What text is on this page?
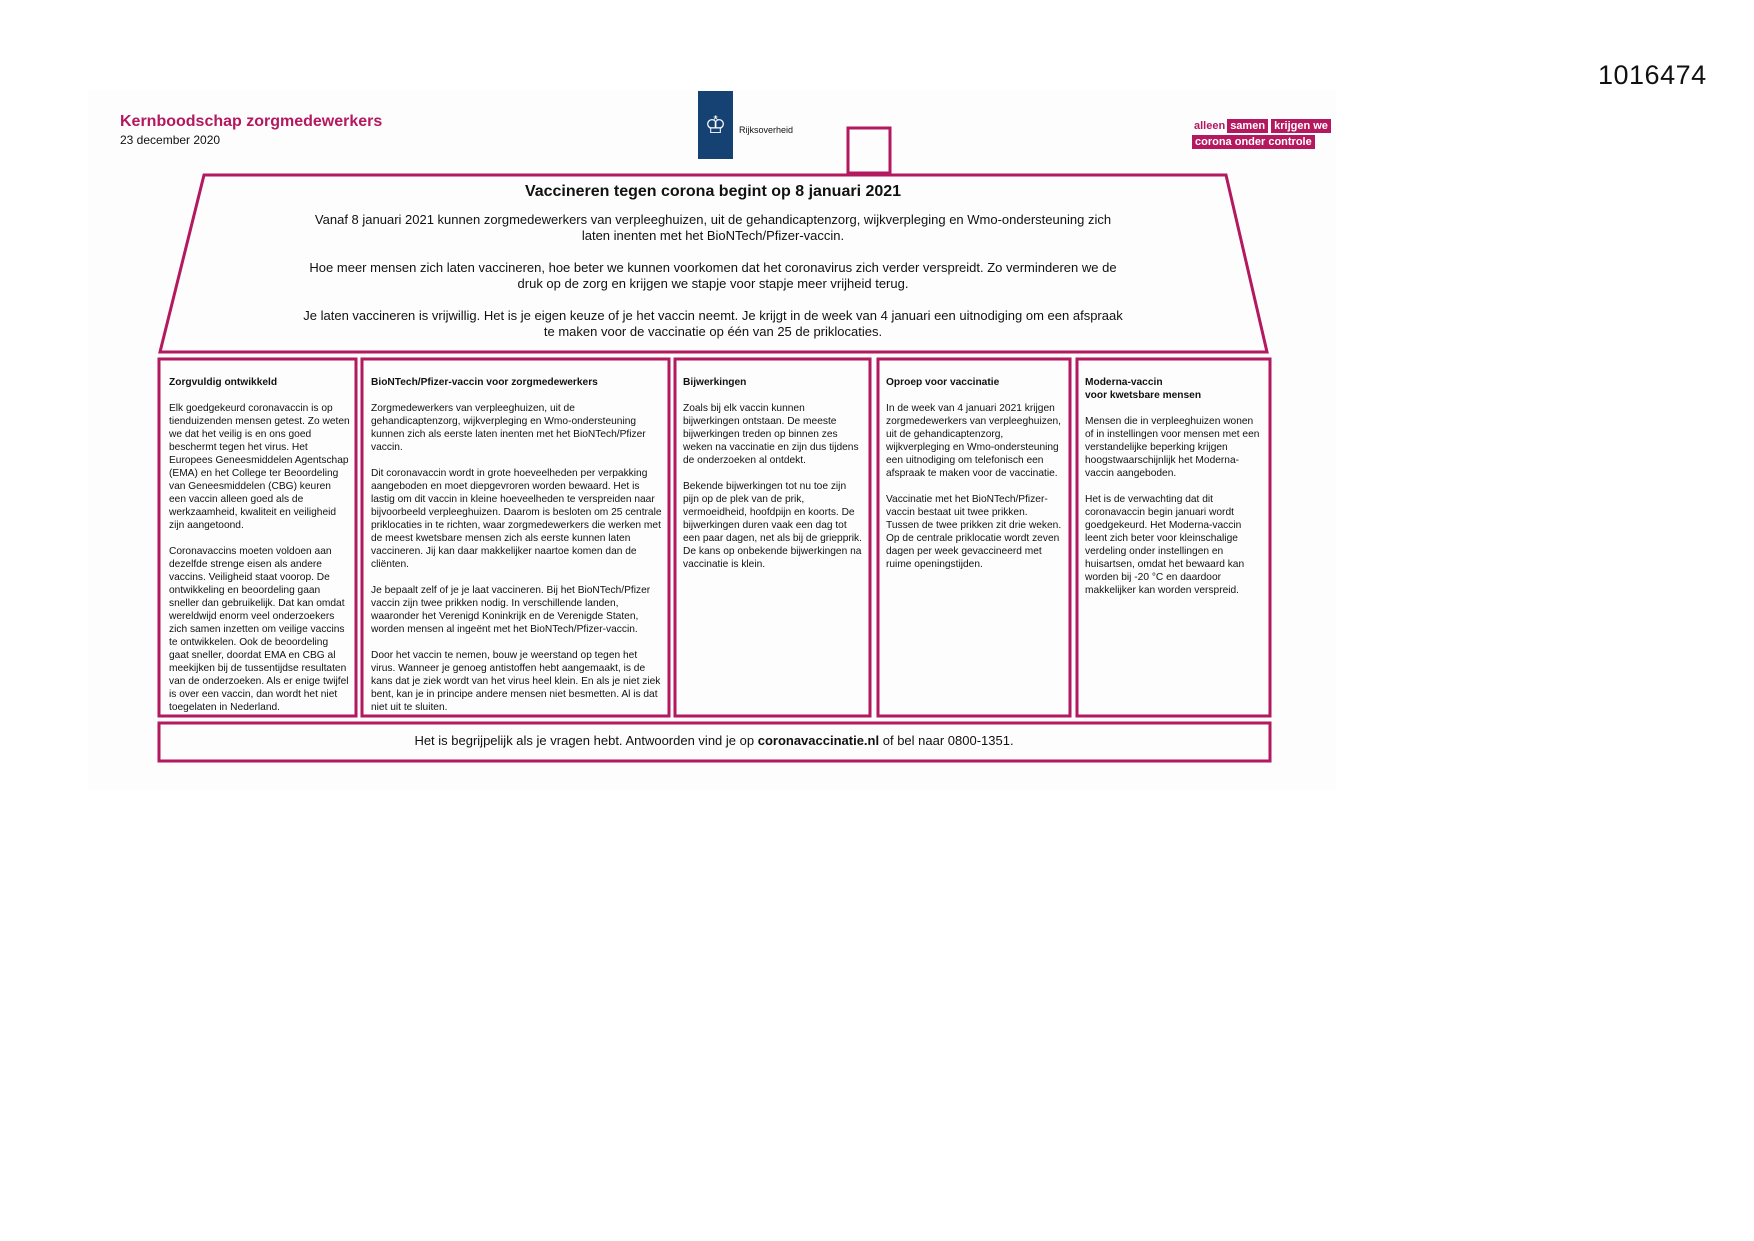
1016474
Kernboodschap zorgmedewerkers
23 december 2020
♔	Rijksoverheid	alleen samen krijgen we
corona onder controle
Vaccineren tegen corona begint op 8 januari 2021
Vanaf 8 januari 2021 kunnen zorgmedewerkers van verpleeghuizen, uit de gehandicaptenzorg, wijkverpleging en Wmo-ondersteuning zich laten inenten met het BioNTech/Pfizer-vaccin.
Hoe meer mensen zich laten vaccineren, hoe beter we kunnen voorkomen dat het coronavirus zich verder verspreidt. Zo verminderen we de druk op de zorg en krijgen we stapje voor stapje meer vrijheid terug.
Je laten vaccineren is vrijwillig. Het is je eigen keuze of je het vaccin neemt. Je krijgt in de week van 4 januari een uitnodiging om een afspraak te maken voor de vaccinatie op één van 25 de priklocaties.

Zorgvuldig ontwikkeld

Elk goedgekeurd coronavaccin is op tienduizenden mensen getest. Zo weten we dat het veilig is en ons goed beschermt tegen het virus. Het Europees Geneesmiddelen Agentschap (EMA) en het College ter Beoordeling van Geneesmiddelen (CBG) keuren een vaccin alleen goed als de werkzaamheid, kwaliteit en veiligheid zijn aangetoond.

Coronavaccins moeten voldoen aan dezelfde strenge eisen als andere vaccins. Veiligheid staat voorop. De ontwikkeling en beoordeling gaan sneller dan gebruikelijk. Dat kan omdat wereldwijd enorm veel onderzoekers zich samen inzetten om veilige vaccins te ontwikkelen. Ook de beoordeling gaat sneller, doordat EMA en CBG al meekijken bij de tussentijdse resultaten van de onderzoeken. Als er enige twijfel is over een vaccin, dan wordt het niet toegelaten in Nederland.

BioNTech/Pfizer-vaccin voor zorgmedewerkers

Zorgmedewerkers van verpleeghuizen, uit de gehandicaptenzorg, wijkverpleging en Wmo-ondersteuning kunnen zich als eerste laten inenten met het BioNTech/Pfizer vaccin.

Dit coronavaccin wordt in grote hoeveelheden per verpakking aangeboden en moet diepgevroren worden bewaard. Het is lastig om dit vaccin in kleine hoeveelheden te verspreiden naar bijvoorbeeld verpleeghuizen. Daarom is besloten om 25 centrale priklocaties in te richten, waar zorgmedewerkers die werken met de meest kwetsbare mensen zich als eerste kunnen laten vaccineren. Jij kan daar makkelijker naartoe komen dan de cliënten.

Je bepaalt zelf of je je laat vaccineren. Bij het BioNTech/Pfizer vaccin zijn twee prikken nodig. In verschillende landen, waaronder het Verenigd Koninkrijk en de Verenigde Staten, worden mensen al ingeënt met het BioNTech/Pfizer-vaccin.

Door het vaccin te nemen, bouw je weerstand op tegen het virus. Wanneer je genoeg antistoffen hebt aangemaakt, is de kans dat je ziek wordt van het virus heel klein. En als je niet ziek bent, kan je in principe andere mensen niet besmetten. Al is dat niet uit te sluiten.

Bijwerkingen

Zoals bij elk vaccin kunnen bijwerkingen ontstaan. De meeste bijwerkingen treden op binnen zes weken na vaccinatie en zijn dus tijdens de onderzoeken al ontdekt.

Bekende bijwerkingen tot nu toe zijn pijn op de plek van de prik, vermoeidheid, hoofdpijn en koorts. De bijwerkingen duren vaak een dag tot een paar dagen, net als bij de griepprik. De kans op onbekende bijwerkingen na vaccinatie is klein.

Oproep voor vaccinatie

In de week van 4 januari 2021 krijgen zorgmedewerkers van verpleeghuizen, uit de gehandicaptenzorg, wijkverpleging en Wmo-ondersteuning een uitnodiging om telefonisch een afspraak te maken voor de vaccinatie.

Vaccinatie met het BioNTech/Pfizer-vaccin bestaat uit twee prikken. Tussen de twee prikken zit drie weken. Op de centrale priklocatie wordt zeven dagen per week gevaccineerd met ruime openingstijden.

Moderna-vaccin
voor kwetsbare mensen

Mensen die in verpleeghuizen wonen of in instellingen voor mensen met een verstandelijke beperking krijgen hoogstwaarschijnlijk het Moderna-vaccin aangeboden.

Het is de verwachting dat dit coronavaccin begin januari wordt goedgekeurd. Het Moderna-vaccin leent zich beter voor kleinschalige verdeling onder instellingen en huisartsen, omdat het bewaard kan worden bij -20 °C en daardoor makkelijker kan worden verspreid.

Het is begrijpelijk als je vragen hebt. Antwoorden vind je op coronavaccinatie.nl of bel naar 0800-1351.
